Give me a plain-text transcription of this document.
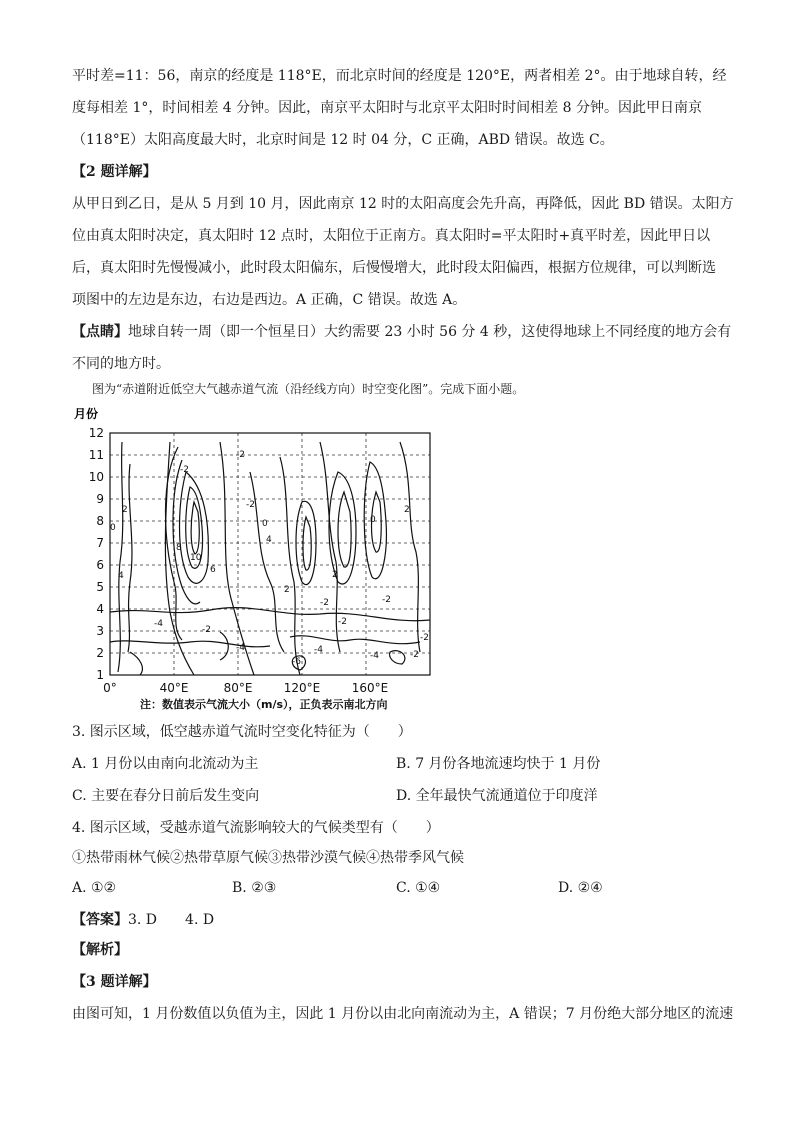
平时差=11：56，南京的经度是 118°E，而北京时间的经度是 120°E，两者相差 2°。由于地球自转，经
度每相差 1°，时间相差 4 分钟。因此，南京平太阳时与北京平太阳时时间相差 8 分钟。因此甲日南京
（118°E）太阳高度最大时，北京时间是 12 时 04 分，C 正确，ABD 错误。故选 C。
【2 题详解】
从甲日到乙日，是从 5 月到 10 月，因此南京 12 时的太阳高度会先升高，再降低，因此 BD 错误。太阳方
位由真太阳时决定，真太阳时 12 点时，太阳位于正南方。真太阳时=平太阳时+真平时差，因此甲日以
后，真太阳时先慢慢减小，此时段太阳偏东，后慢慢增大，此时段太阳偏西，根据方位规律，可以判断选
项图中的左边是东边，右边是西边。A 正确，C 错误。故选 A。
【点睛】地球自转一周（即一个恒星日）大约需要 23 小时 56 分 4 秒，这使得地球上不同经度的地方会有
不同的地方时。
图为“赤道附近低空大气越赤道气流（沿经线方向）时空变化图”。完成下面小题。
月份
-2
-2
0
2
4
6
8
10
-2
-2
-4
-6
-2
-4
2
0
4
2
-2
-4
2
0
-2	-2
-2
-4
1
2
3
4
5
6
7
8
9
10
11
12
0°	40°E	80°E	120°E	160°E
注：数值表示气流大小（m/s），正负表示南北方向
3. 图示区域，低空越赤道气流时空变化特征为（　　）
A. 1 月份以由南向北流动为主	B. 7 月份各地流速均快于 1 月份
C. 主要在春分日前后发生变向	D. 全年最快气流通道位于印度洋
4. 图示区域，受越赤道气流影响较大的气候类型有（　　）
①热带雨林气候②热带草原气候③热带沙漠气候④热带季风气候
A. ①②	B. ②③	C. ①④	D. ②④
【答案】3. D　　4. D
【解析】
【3 题详解】
由图可知，1 月份数值以负值为主，因此 1 月份以由北向南流动为主，A 错误；7 月份绝大部分地区的流速
